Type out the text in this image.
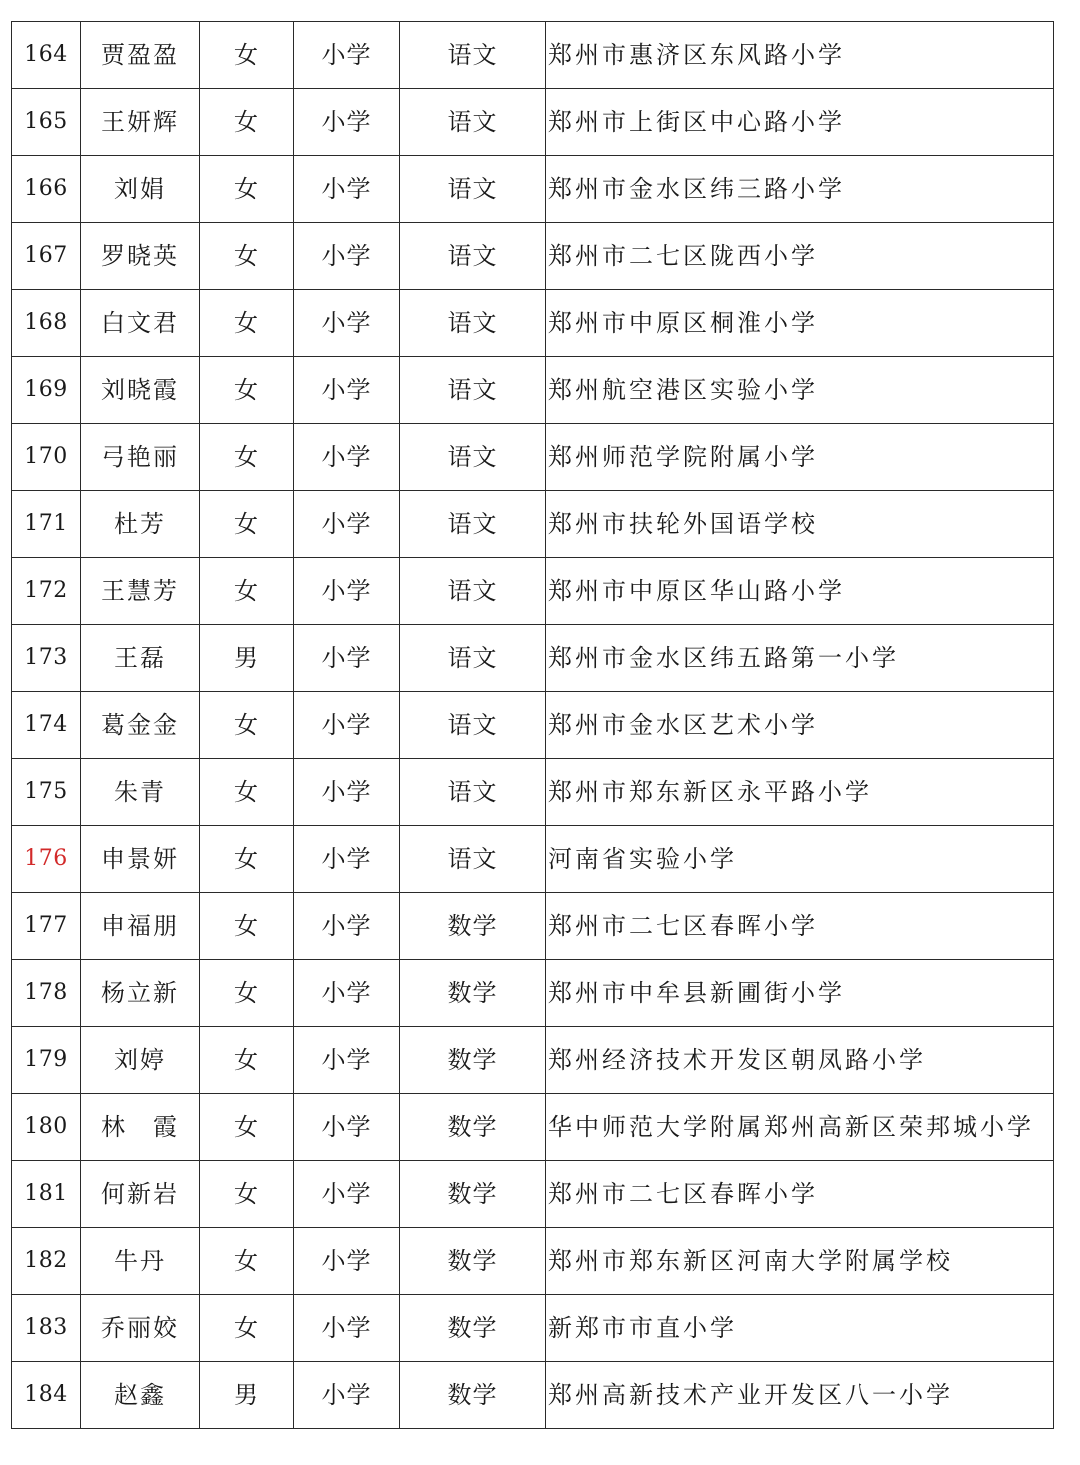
164	贾盈盈	女	小学	语文	郑州市惠济区东风路小学
165	王妍辉	女	小学	语文	郑州市上街区中心路小学
166	刘娟	女	小学	语文	郑州市金水区纬三路小学
167	罗晓英	女	小学	语文	郑州市二七区陇西小学
168	白文君	女	小学	语文	郑州市中原区桐淮小学
169	刘晓霞	女	小学	语文	郑州航空港区实验小学
170	弓艳丽	女	小学	语文	郑州师范学院附属小学
171	杜芳	女	小学	语文	郑州市扶轮外国语学校
172	王慧芳	女	小学	语文	郑州市中原区华山路小学
173	王磊	男	小学	语文	郑州市金水区纬五路第一小学
174	葛金金	女	小学	语文	郑州市金水区艺术小学
175	朱青	女	小学	语文	郑州市郑东新区永平路小学
176	申景妍	女	小学	语文	河南省实验小学
177	申福朋	女	小学	数学	郑州市二七区春晖小学
178	杨立新	女	小学	数学	郑州市中牟县新圃街小学
179	刘婷	女	小学	数学	郑州经济技术开发区朝凤路小学
180	林　霞	女	小学	数学	华中师范大学附属郑州高新区荣邦城小学
181	何新岩	女	小学	数学	郑州市二七区春晖小学
182	牛丹	女	小学	数学	郑州市郑东新区河南大学附属学校
183	乔丽姣	女	小学	数学	新郑市市直小学
184	赵鑫	男	小学	数学	郑州高新技术产业开发区八一小学
